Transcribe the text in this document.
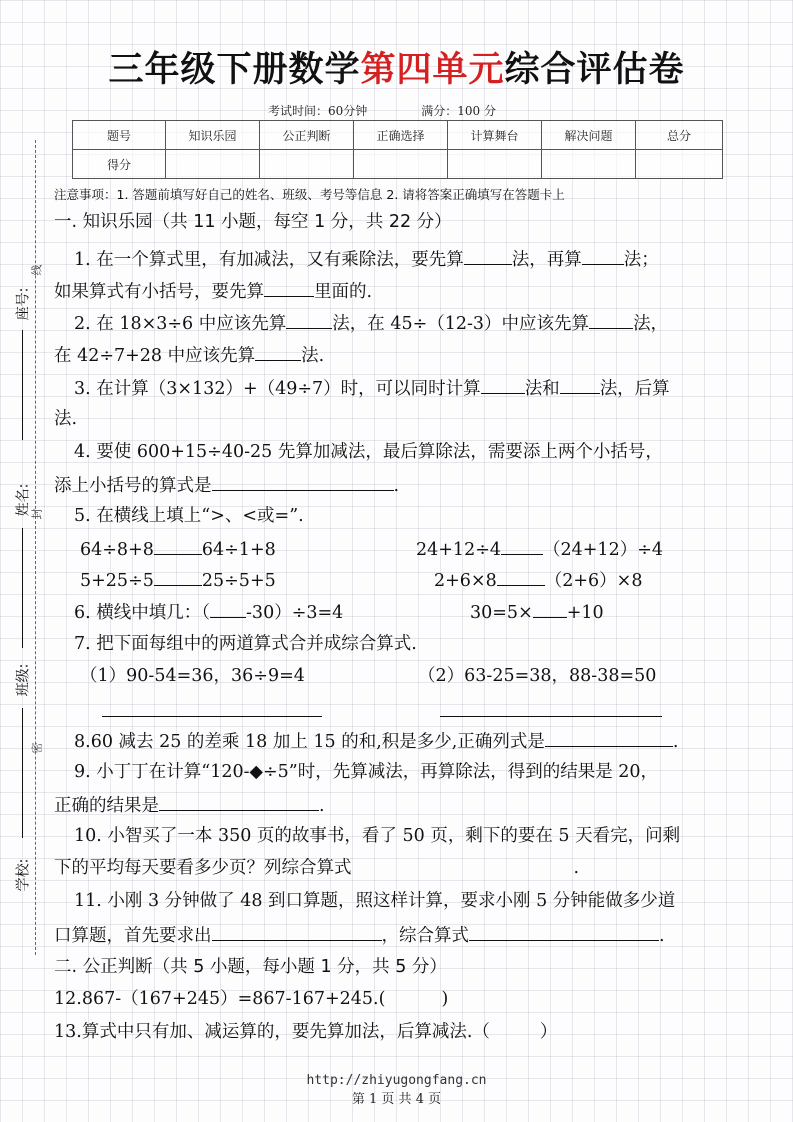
三年级下册数学第四单元综合评估卷
考试时间：60分钟	满分：100 分
题号	知识乐园	公正判断	正确选择	计算舞台	解决问题	总分
得分						
注意事项：1. 答题前填写好自己的姓名、班级、考号等信息 2. 请将答案正确填写在答题卡上
座号:
姓名:
班级:
学校:
线
封
密
一. 知识乐园（共 11 小题，每空 1 分，共 22 分）
1. 在一个算式里，有加减法，又有乘除法，要先算	法，再算 法；
如果算式有小括号，要先算	里面的.
2. 在 18×3÷6 中应该先算	法，在 45÷（12-3）中应该先算	法，
在 42÷7+28 中应该先算	法.
3. 在计算（3×132）+（49÷7）时，可以同时计算	法和 法，后算
法.
4. 要使 600+15÷40-25 先算加减法，最后算除法，需要添上两个小括号，
添上小括号的算式是	.
5. 在横线上填上“>、<或=”.
64÷8+8	64÷1+8	24+12÷4 （24+12）÷4
5+25÷5	25÷5+5	2+6×8	（2+6）×8
6. 横线中填几：（ -30）÷3=4	30=5× +10
7. 把下面每组中的两道算式合并成综合算式.
（1）90-54=36，36÷9=4	（2）63-25=38，88-38=50
8.60 减去 25 的差乘 18 加上 15 的和,积是多少,正确列式是	.
9. 小丁丁在计算“120-◆÷5”时，先算减法，再算除法，得到的结果是 20，
正确的结果是	.
10. 小智买了一本 350 页的故事书，看了 50 页，剩下的要在 5 天看完，问剩
下的平均每天要看多少页？列综合算式	.
11. 小刚 3 分钟做了 48 到口算题，照这样计算，要求小刚 5 分钟能做多少道
口算题，首先要求出	，综合算式	.
二. 公正判断（共 5 小题，每小题 1 分，共 5 分）
12.867-（167+245）=867-167+245.(	)
13.算式中只有加、减运算的，要先算加法，后算减法.（	）
http://zhiyugongfang.cn
第 1 页 共 4 页
